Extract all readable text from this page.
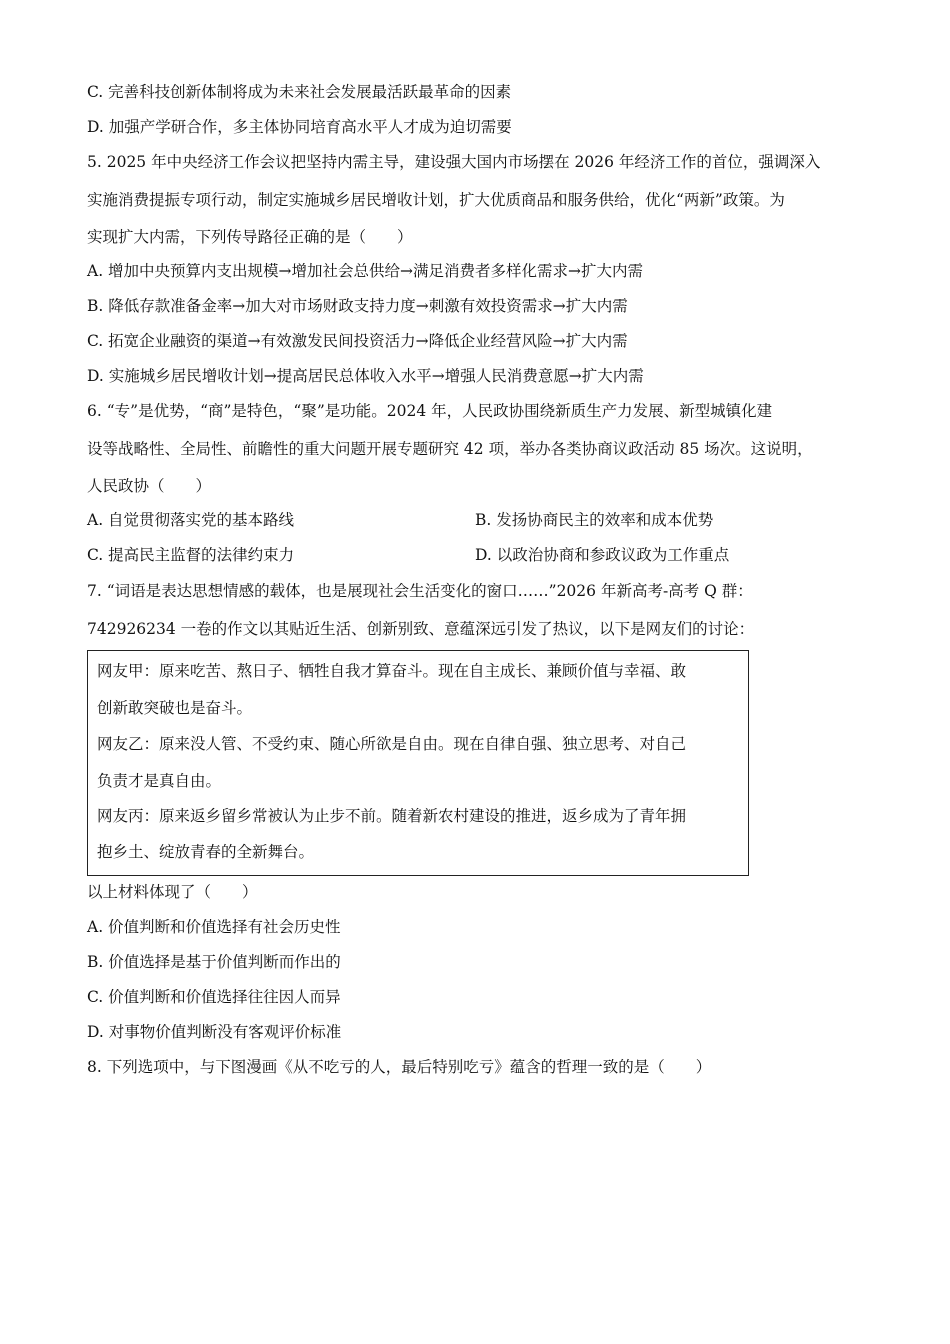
C. 完善科技创新体制将成为未来社会发展最活跃最革命的因素
D. 加强产学研合作，多主体协同培育高水平人才成为迫切需要
5. 2025 年中央经济工作会议把坚持内需主导，建设强大国内市场摆在 2026 年经济工作的首位，强调深入
实施消费提振专项行动，制定实施城乡居民增收计划，扩大优质商品和服务供给，优化“两新”政策。为
实现扩大内需，下列传导路径正确的是（　　）
A. 增加中央预算内支出规模→增加社会总供给→满足消费者多样化需求→扩大内需
B. 降低存款准备金率→加大对市场财政支持力度→刺激有效投资需求→扩大内需
C. 拓宽企业融资的渠道→有效激发民间投资活力→降低企业经营风险→扩大内需
D. 实施城乡居民增收计划→提高居民总体收入水平→增强人民消费意愿→扩大内需
6. “专”是优势，“商”是特色，“聚”是功能。2024 年，人民政协围绕新质生产力发展、新型城镇化建
设等战略性、全局性、前瞻性的重大问题开展专题研究 42 项，举办各类协商议政活动 85 场次。这说明，
人民政协（　　）
A. 自觉贯彻落实党的基本路线	B. 发扬协商民主的效率和成本优势
C. 提高民主监督的法律约束力	D. 以政治协商和参政议政为工作重点
7. “词语是表达思想情感的载体，也是展现社会生活变化的窗口……”2026 年新高考-高考 Q 群：
742926234 一卷的作文以其贴近生活、创新别致、意蕴深远引发了热议，以下是网友们的讨论：
网友甲：原来吃苦、熬日子、牺牲自我才算奋斗。现在自主成长、兼顾价值与幸福、敢
创新敢突破也是奋斗。
网友乙：原来没人管、不受约束、随心所欲是自由。现在自律自强、独立思考、对自己
负责才是真自由。
网友丙：原来返乡留乡常被认为止步不前。随着新农村建设的推进，返乡成为了青年拥
抱乡土、绽放青春的全新舞台。
以上材料体现了（　　）
A. 价值判断和价值选择有社会历史性
B. 价值选择是基于价值判断而作出的
C. 价值判断和价值选择往往因人而异
D. 对事物价值判断没有客观评价标准
8. 下列选项中，与下图漫画《从不吃亏的人，最后特别吃亏》蕴含的哲理一致的是（　　）
